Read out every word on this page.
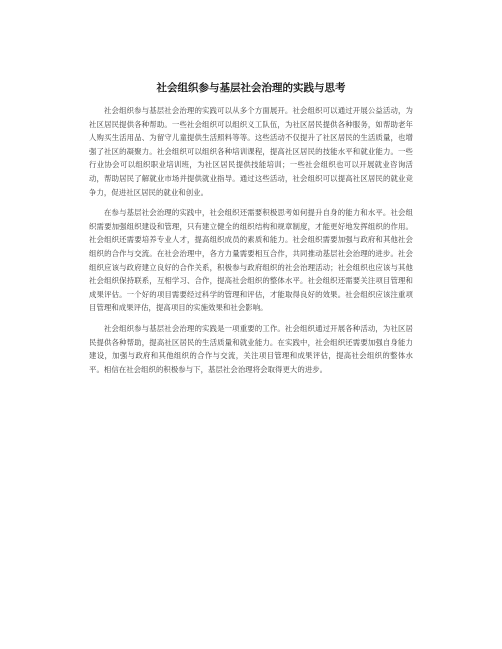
社会组织参与基层社会治理的实践与思考

社会组织参与基层社会治理的实践可以从多个方面展开。社会组织可以通过开展公益活动，为社区居民提供各种帮助。一些社会组织可以组织义工队伍，为社区居民提供各种服务，如帮助老年人购买生活用品、为留守儿童提供生活照料等等。这些活动不仅提升了社区居民的生活质量，也增强了社区的凝聚力。社会组织可以组织各种培训课程，提高社区居民的技能水平和就业能力。一些行业协会可以组织职业培训班，为社区居民提供技能培训；一些社会组织也可以开展就业咨询活动，帮助居民了解就业市场并提供就业指导。通过这些活动，社会组织可以提高社区居民的就业竞争力，促进社区居民的就业和创业。

在参与基层社会治理的实践中，社会组织还需要积极思考如何提升自身的能力和水平。社会组织需要加强组织建设和管理，只有建立健全的组织结构和规章制度，才能更好地发挥组织的作用。社会组织还需要培养专业人才，提高组织成员的素质和能力。社会组织需要加强与政府和其他社会组织的合作与交流。在社会治理中，各方力量需要相互合作，共同推动基层社会治理的进步。社会组织应该与政府建立良好的合作关系，积极参与政府组织的社会治理活动；社会组织也应该与其他社会组织保持联系，互相学习、合作，提高社会组织的整体水平。社会组织还需要关注项目管理和成果评估。一个好的项目需要经过科学的管理和评估，才能取得良好的效果。社会组织应该注重项目管理和成果评估，提高项目的实施效果和社会影响。

社会组织参与基层社会治理的实践是一项重要的工作。社会组织通过开展各种活动，为社区居民提供各种帮助，提高社区居民的生活质量和就业能力。在实践中，社会组织还需要加强自身能力建设，加强与政府和其他组织的合作与交流，关注项目管理和成果评估，提高社会组织的整体水平。相信在社会组织的积极参与下，基层社会治理将会取得更大的进步。
